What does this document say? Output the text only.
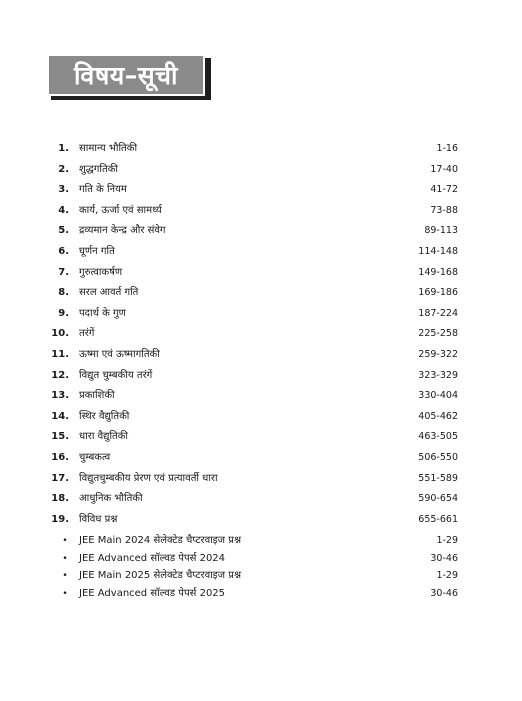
विषय–सूची
1. सामान्य भौतिकी	1-16
2. शुद्धगतिकी	17-40
3. गति के नियम	41-72
4. कार्य, ऊर्जा एवं सामर्थ्य	73-88
5. द्रव्यमान केन्द्र और संवेग	89-113
6. घूर्णन गति	114-148
7. गुरुत्वाकर्षण	149-168
8. सरल आवर्त गति	169-186
9. पदार्थ के गुण	187-224
10. तरंगें	225-258
11. ऊष्मा एवं ऊष्मागतिकी	259-322
12. विद्युत चुम्बकीय तरंगें	323-329
13. प्रकाशिकी	330-404
14. स्थिर वैद्युतिकी	405-462
15. धारा वैद्युतिकी	463-505
16. चुम्बकत्व	506-550
17. विद्युतचुम्बकीय प्रेरण एवं प्रत्यावर्ती धारा	551-589
18. आधुनिक भौतिकी	590-654
19. विविध प्रश्न	655-661
• JEE Main 2024 सेलेक्टेड चैप्टरवाइज प्रश्न	1-29
• JEE Advanced सॉल्वड पेपर्स 2024	30-46
• JEE Main 2025 सेलेक्टेड चैप्टरवाइज प्रश्न	1-29
• JEE Advanced सॉल्वड पेपर्स 2025	30-46
